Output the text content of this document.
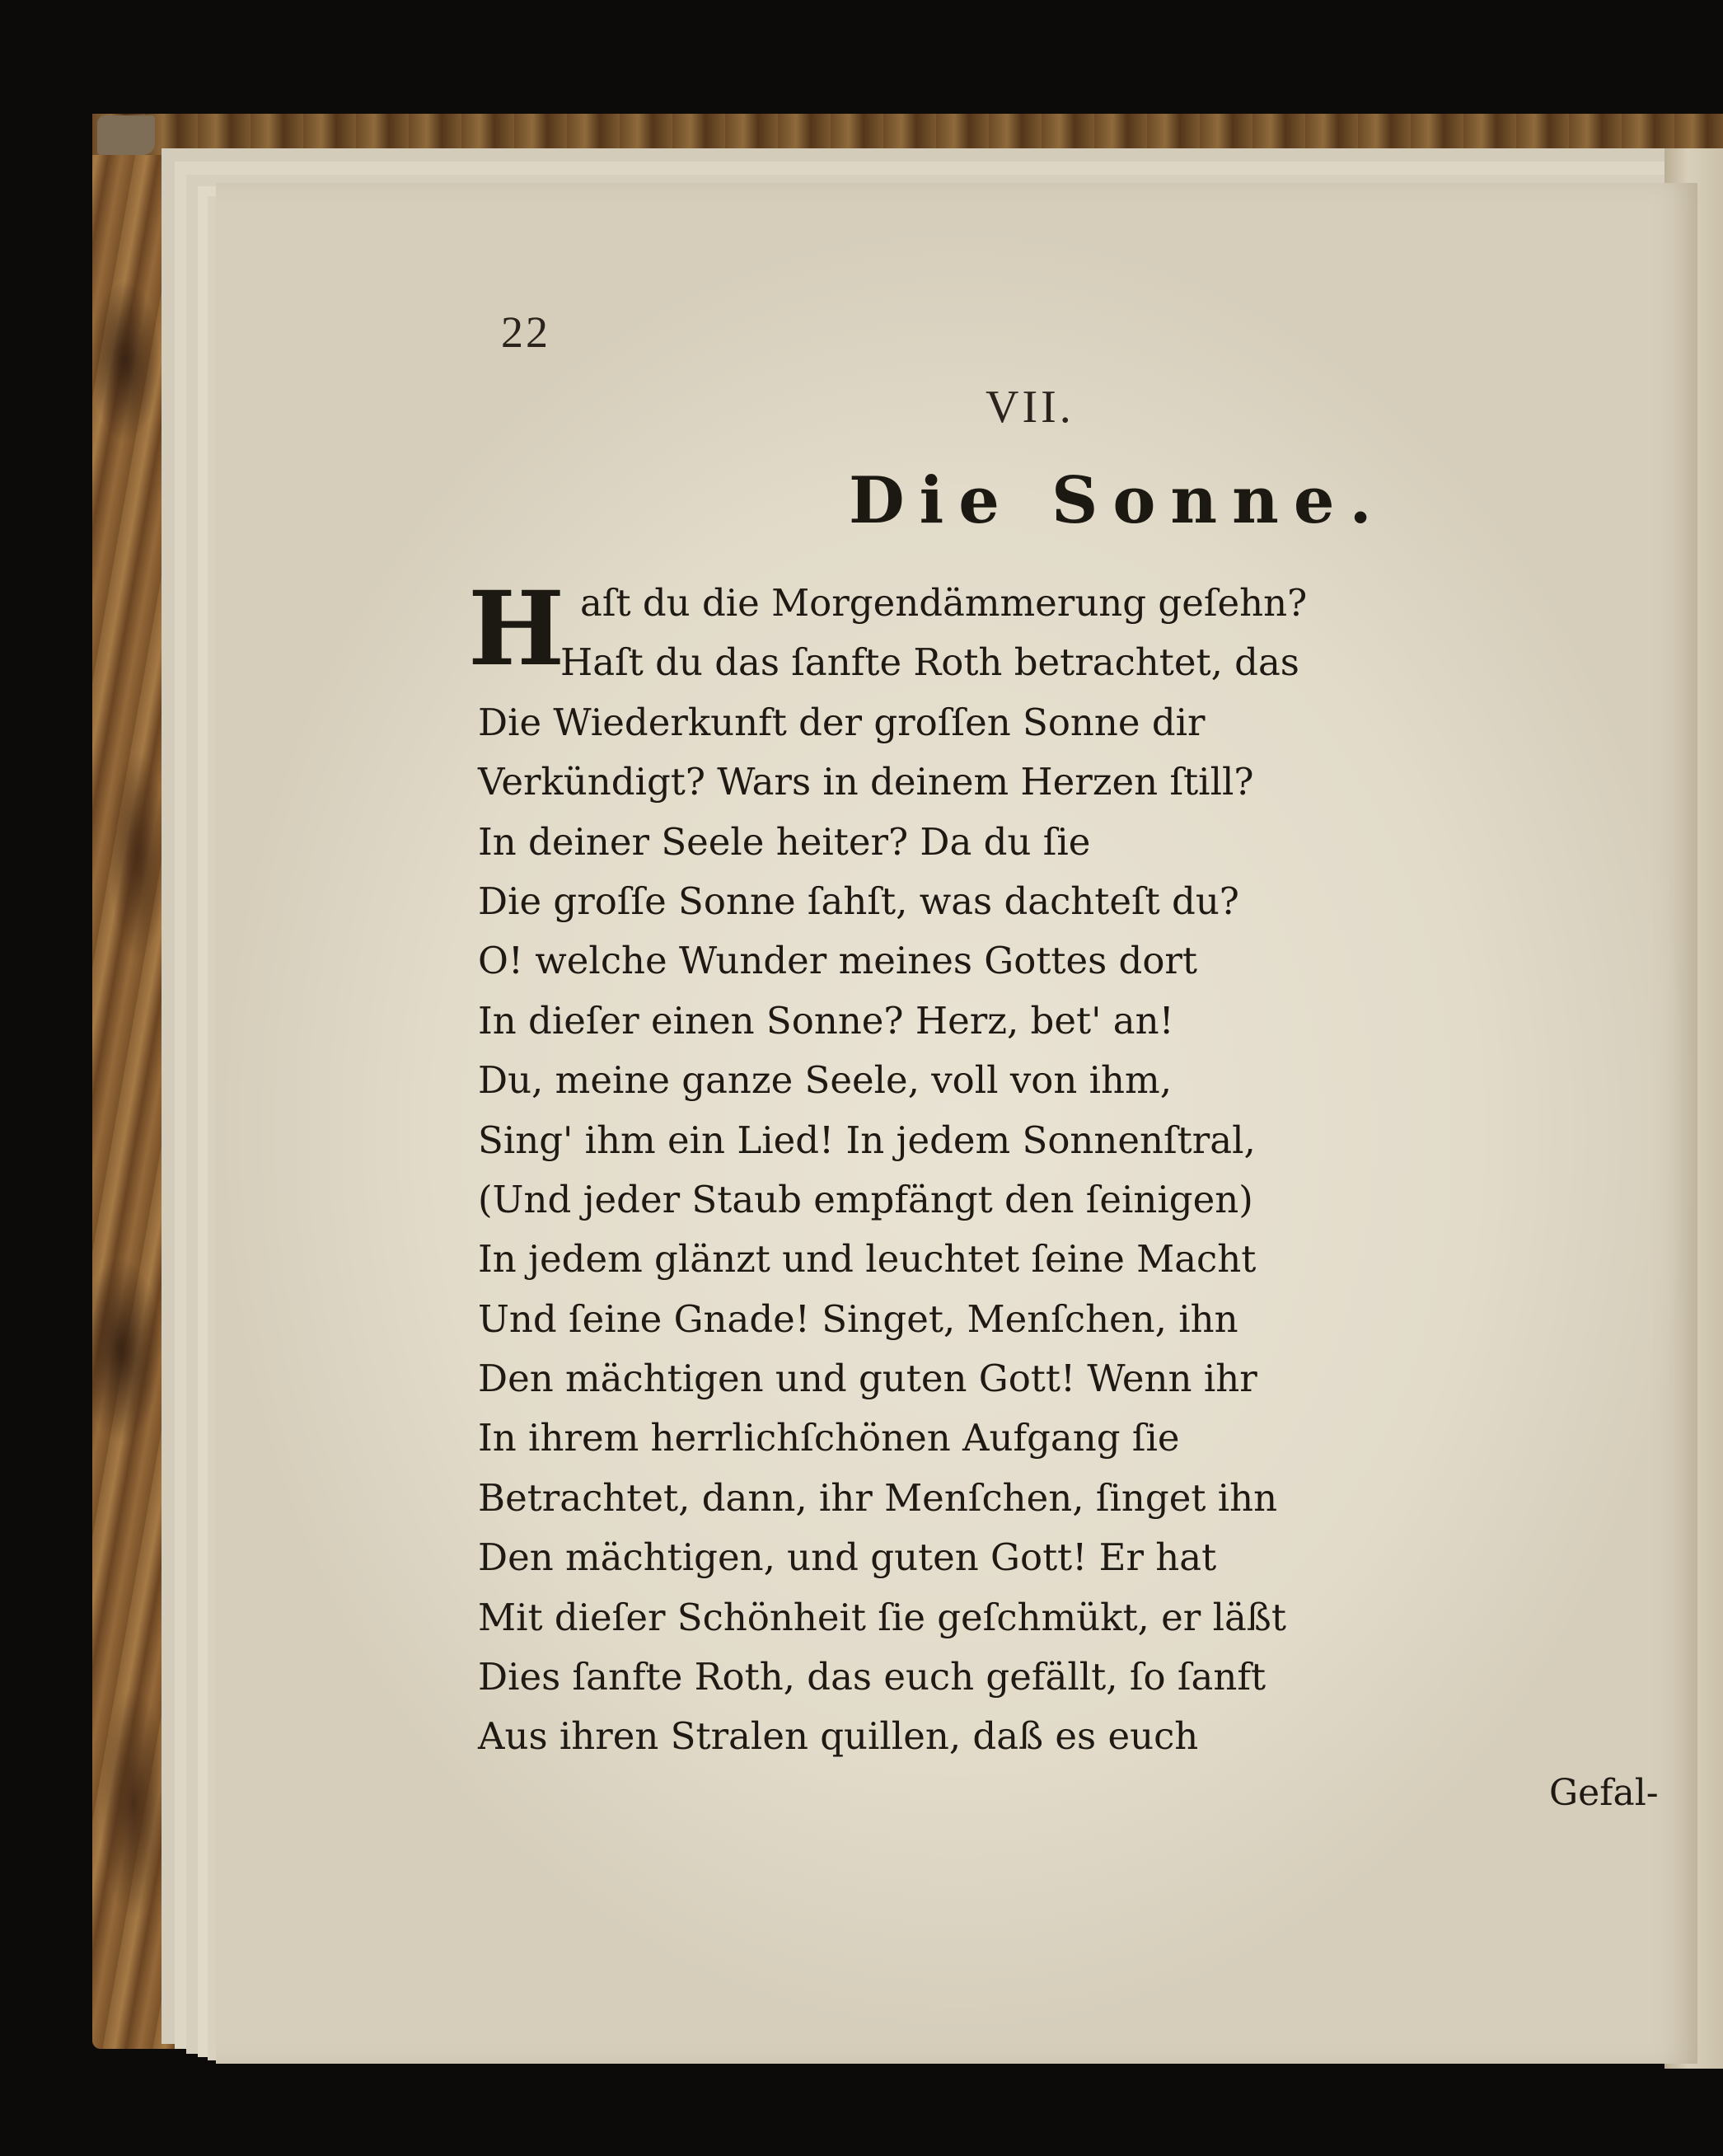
22
VII.
Die Sonne.
H aſt du die Morgendämmerung geſehn?
Haſt du das ſanfte Roth betrachtet, das
Die Wiederkunft der groſſen Sonne dir
Verkündigt? Wars in deinem Herzen ſtill?
In deiner Seele heiter? Da du ſie
Die groſſe Sonne ſahſt, was dachteſt du?
O! welche Wunder meines Gottes dort
In dieſer einen Sonne? Herz, bet' an!
Du, meine ganze Seele, voll von ihm,
Sing' ihm ein Lied! In jedem Sonnenſtral,
(Und jeder Staub empfängt den ſeinigen)
In jedem glänzt und leuchtet ſeine Macht
Und ſeine Gnade! Singet, Menſchen, ihn
Den mächtigen und guten Gott! Wenn ihr
In ihrem herrlichſchönen Aufgang ſie
Betrachtet, dann, ihr Menſchen, ſinget ihn
Den mächtigen, und guten Gott! Er hat
Mit dieſer Schönheit ſie geſchmükt, er läßt
Dies ſanfte Roth, das euch gefällt, ſo ſanft
Aus ihren Stralen quillen, daß es euch
Gefal-
